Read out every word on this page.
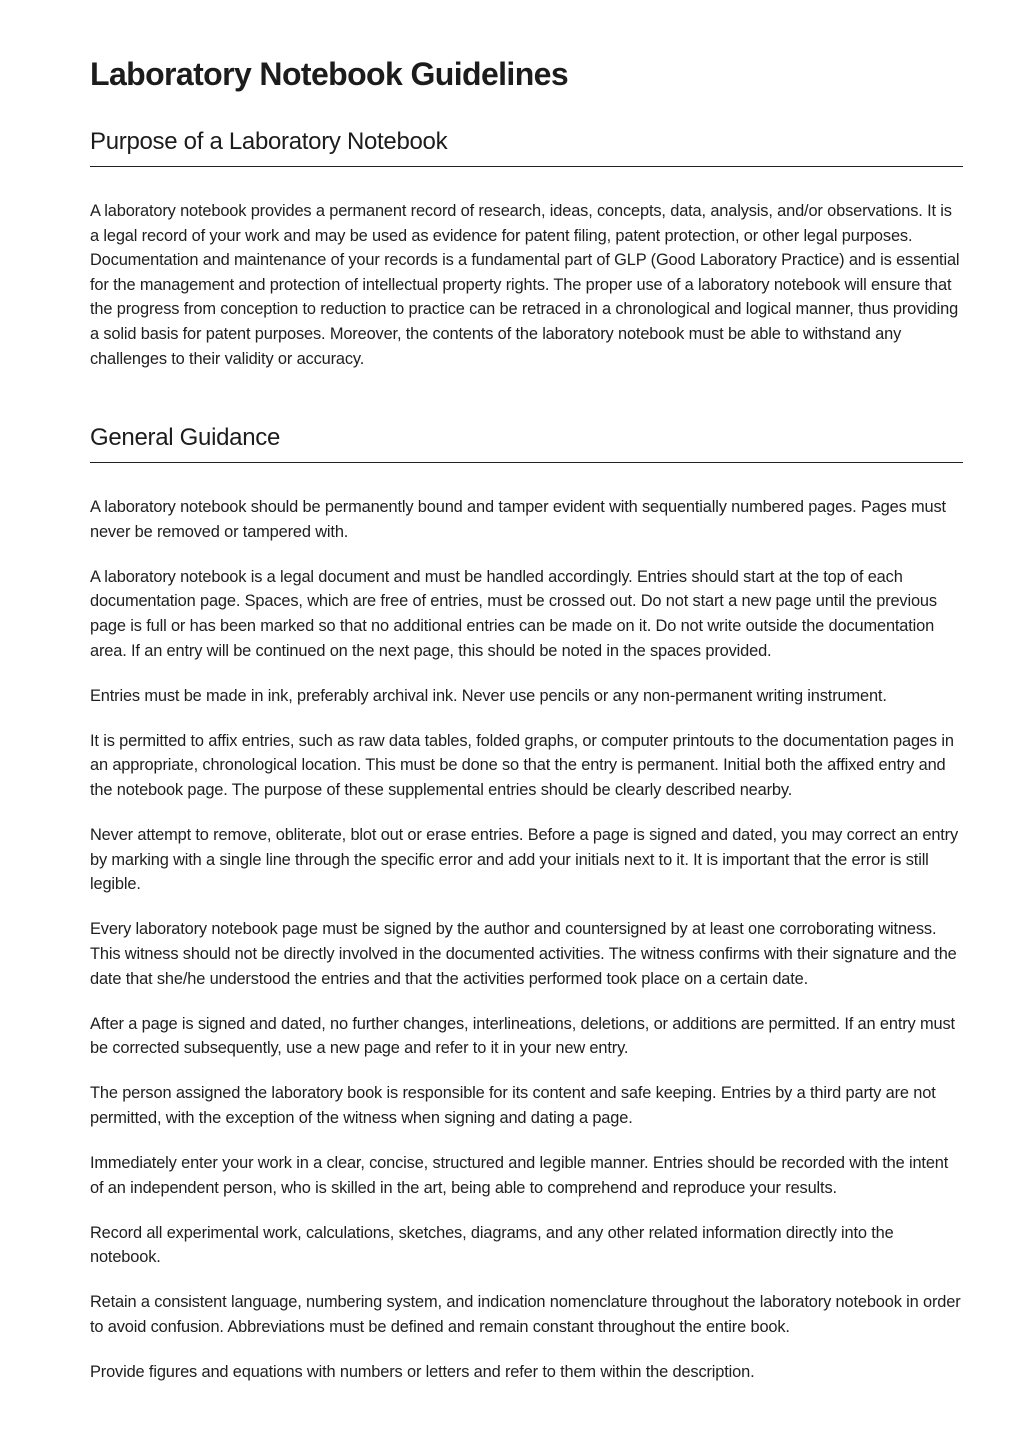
Laboratory Notebook Guidelines
Purpose of a Laboratory Notebook

A laboratory notebook provides a permanent record of research, ideas, concepts, data, analysis, and/or observations. It is a legal record of your work and may be used as evidence for patent filing, patent protection, or other legal purposes. Documentation and maintenance of your records is a fundamental part of GLP (Good Laboratory Practice) and is essential for the management and protection of intellectual property rights. The proper use of a laboratory notebook will ensure that the progress from conception to reduction to practice can be retraced in a chronological and logical manner, thus providing a solid basis for patent purposes. Moreover, the contents of the laboratory notebook must be able to withstand any challenges to their validity or accuracy.

General Guidance

A laboratory notebook should be permanently bound and tamper evident with sequentially numbered pages. Pages must never be removed or tampered with.

A laboratory notebook is a legal document and must be handled accordingly. Entries should start at the top of each documentation page. Spaces, which are free of entries, must be crossed out. Do not start a new page until the previous page is full or has been marked so that no additional entries can be made on it. Do not write outside the documentation area. If an entry will be continued on the next page, this should be noted in the spaces provided.

Entries must be made in ink, preferably archival ink. Never use pencils or any non-permanent writing instrument.

It is permitted to affix entries, such as raw data tables, folded graphs, or computer printouts to the documentation pages in an appropriate, chronological location. This must be done so that the entry is permanent. Initial both the affixed entry and the notebook page. The purpose of these supplemental entries should be clearly described nearby.

Never attempt to remove, obliterate, blot out or erase entries. Before a page is signed and dated, you may correct an entry by marking with a single line through the specific error and add your initials next to it. It is important that the error is still legible.

Every laboratory notebook page must be signed by the author and countersigned by at least one corroborating witness. This witness should not be directly involved in the documented activities. The witness confirms with their signature and the date that she/he understood the entries and that the activities performed took place on a certain date.

After a page is signed and dated, no further changes, interlineations, deletions, or additions are permitted. If an entry must be corrected subsequently, use a new page and refer to it in your new entry.

The person assigned the laboratory book is responsible for its content and safe keeping. Entries by a third party are not permitted, with the exception of the witness when signing and dating a page.

Immediately enter your work in a clear, concise, structured and legible manner. Entries should be recorded with the intent of an independent person, who is skilled in the art, being able to comprehend and reproduce your results.

Record all experimental work, calculations, sketches, diagrams, and any other related information directly into the notebook.

Retain a consistent language, numbering system, and indication nomenclature throughout the laboratory notebook in order to avoid confusion. Abbreviations must be defined and remain constant throughout the entire book.

Provide figures and equations with numbers or letters and refer to them within the description.
